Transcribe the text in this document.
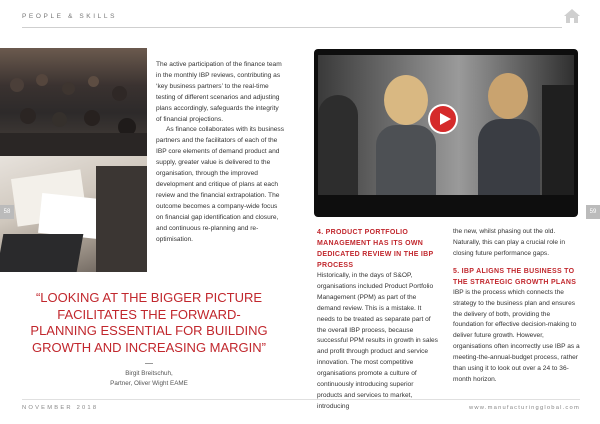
PEOPLE & SKILLS
58

The active participation of the finance team in the monthly IBP reviews, contributing as ‘key business partners’ to the real-time testing of different scenarios and adjusting plans accordingly, safeguards the integrity of financial projections.

As finance collaborates with its business partners and the facilitators of each of the IBP core elements of demand product and supply, greater value is delivered to the organisation, through the improved development and critique of plans at each review and the financial extrapolation. The outcome becomes a company-wide focus on financial gap identification and closure, and continuous re-planning and re-optimisation.

“LOOKING AT THE BIGGER PICTURE FACILITATES THE FORWARD-PLANNING ESSENTIAL FOR BUILDING GROWTH AND INCREASING MARGIN”
Birgit Breitschuh,
Partner, Oliver Wight EAME
59
4. PRODUCT PORTFOLIO MANAGEMENT HAS ITS OWN DEDICATED REVIEW IN THE IBP PROCESS
Historically, in the days of S&OP, organisations included Product Portfolio Management (PPM) as part of the demand review. This is a mistake. It needs to be treated as separate part of the overall IBP process, because successful PPM results in growth in sales and profit through product and service innovation. The most competitive organisations promote a culture of continuously introducing superior products and services to market, introducing
the new, whilst phasing out the old. Naturally, this can play a crucial role in closing future performance gaps.
5. IBP ALIGNS THE BUSINESS TO THE STRATEGIC GROWTH PLANS
IBP is the process which connects the strategy to the business plan and ensures the delivery of both, providing the foundation for effective decision-making to deliver future growth. However, organisations often incorrectly use IBP as a meeting-the-annual-budget process, rather than using it to look out over a 24 to 36-month horizon.
NOVEMBER 2018	www.manufacturingglobal.com
